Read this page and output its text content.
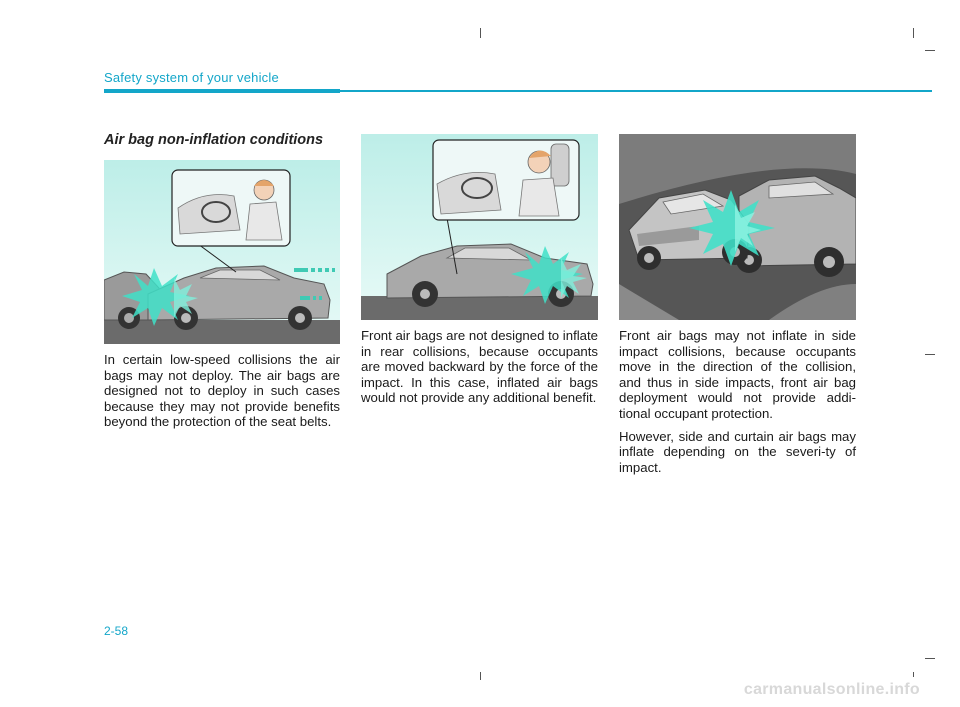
Safety system of your vehicle
Air bag non-inflation conditions

In certain low-speed collisions the air bags may not deploy. The air bags are designed not to deploy in such cases because they may not provide benefits beyond the protection of the seat belts.

Front air bags are not designed to inflate in rear collisions, because occupants are moved backward by the force of the impact. In this case, inflated air bags would not provide any additional benefit.

Front air bags may not inflate in side impact collisions, because occupants move in the direction of the collision, and thus in side impacts, front air bag deployment would not provide addi-tional occupant protection.

However, side and curtain air bags may inflate depending on the severi-ty of impact.

2-58
carmanualsonline.info
